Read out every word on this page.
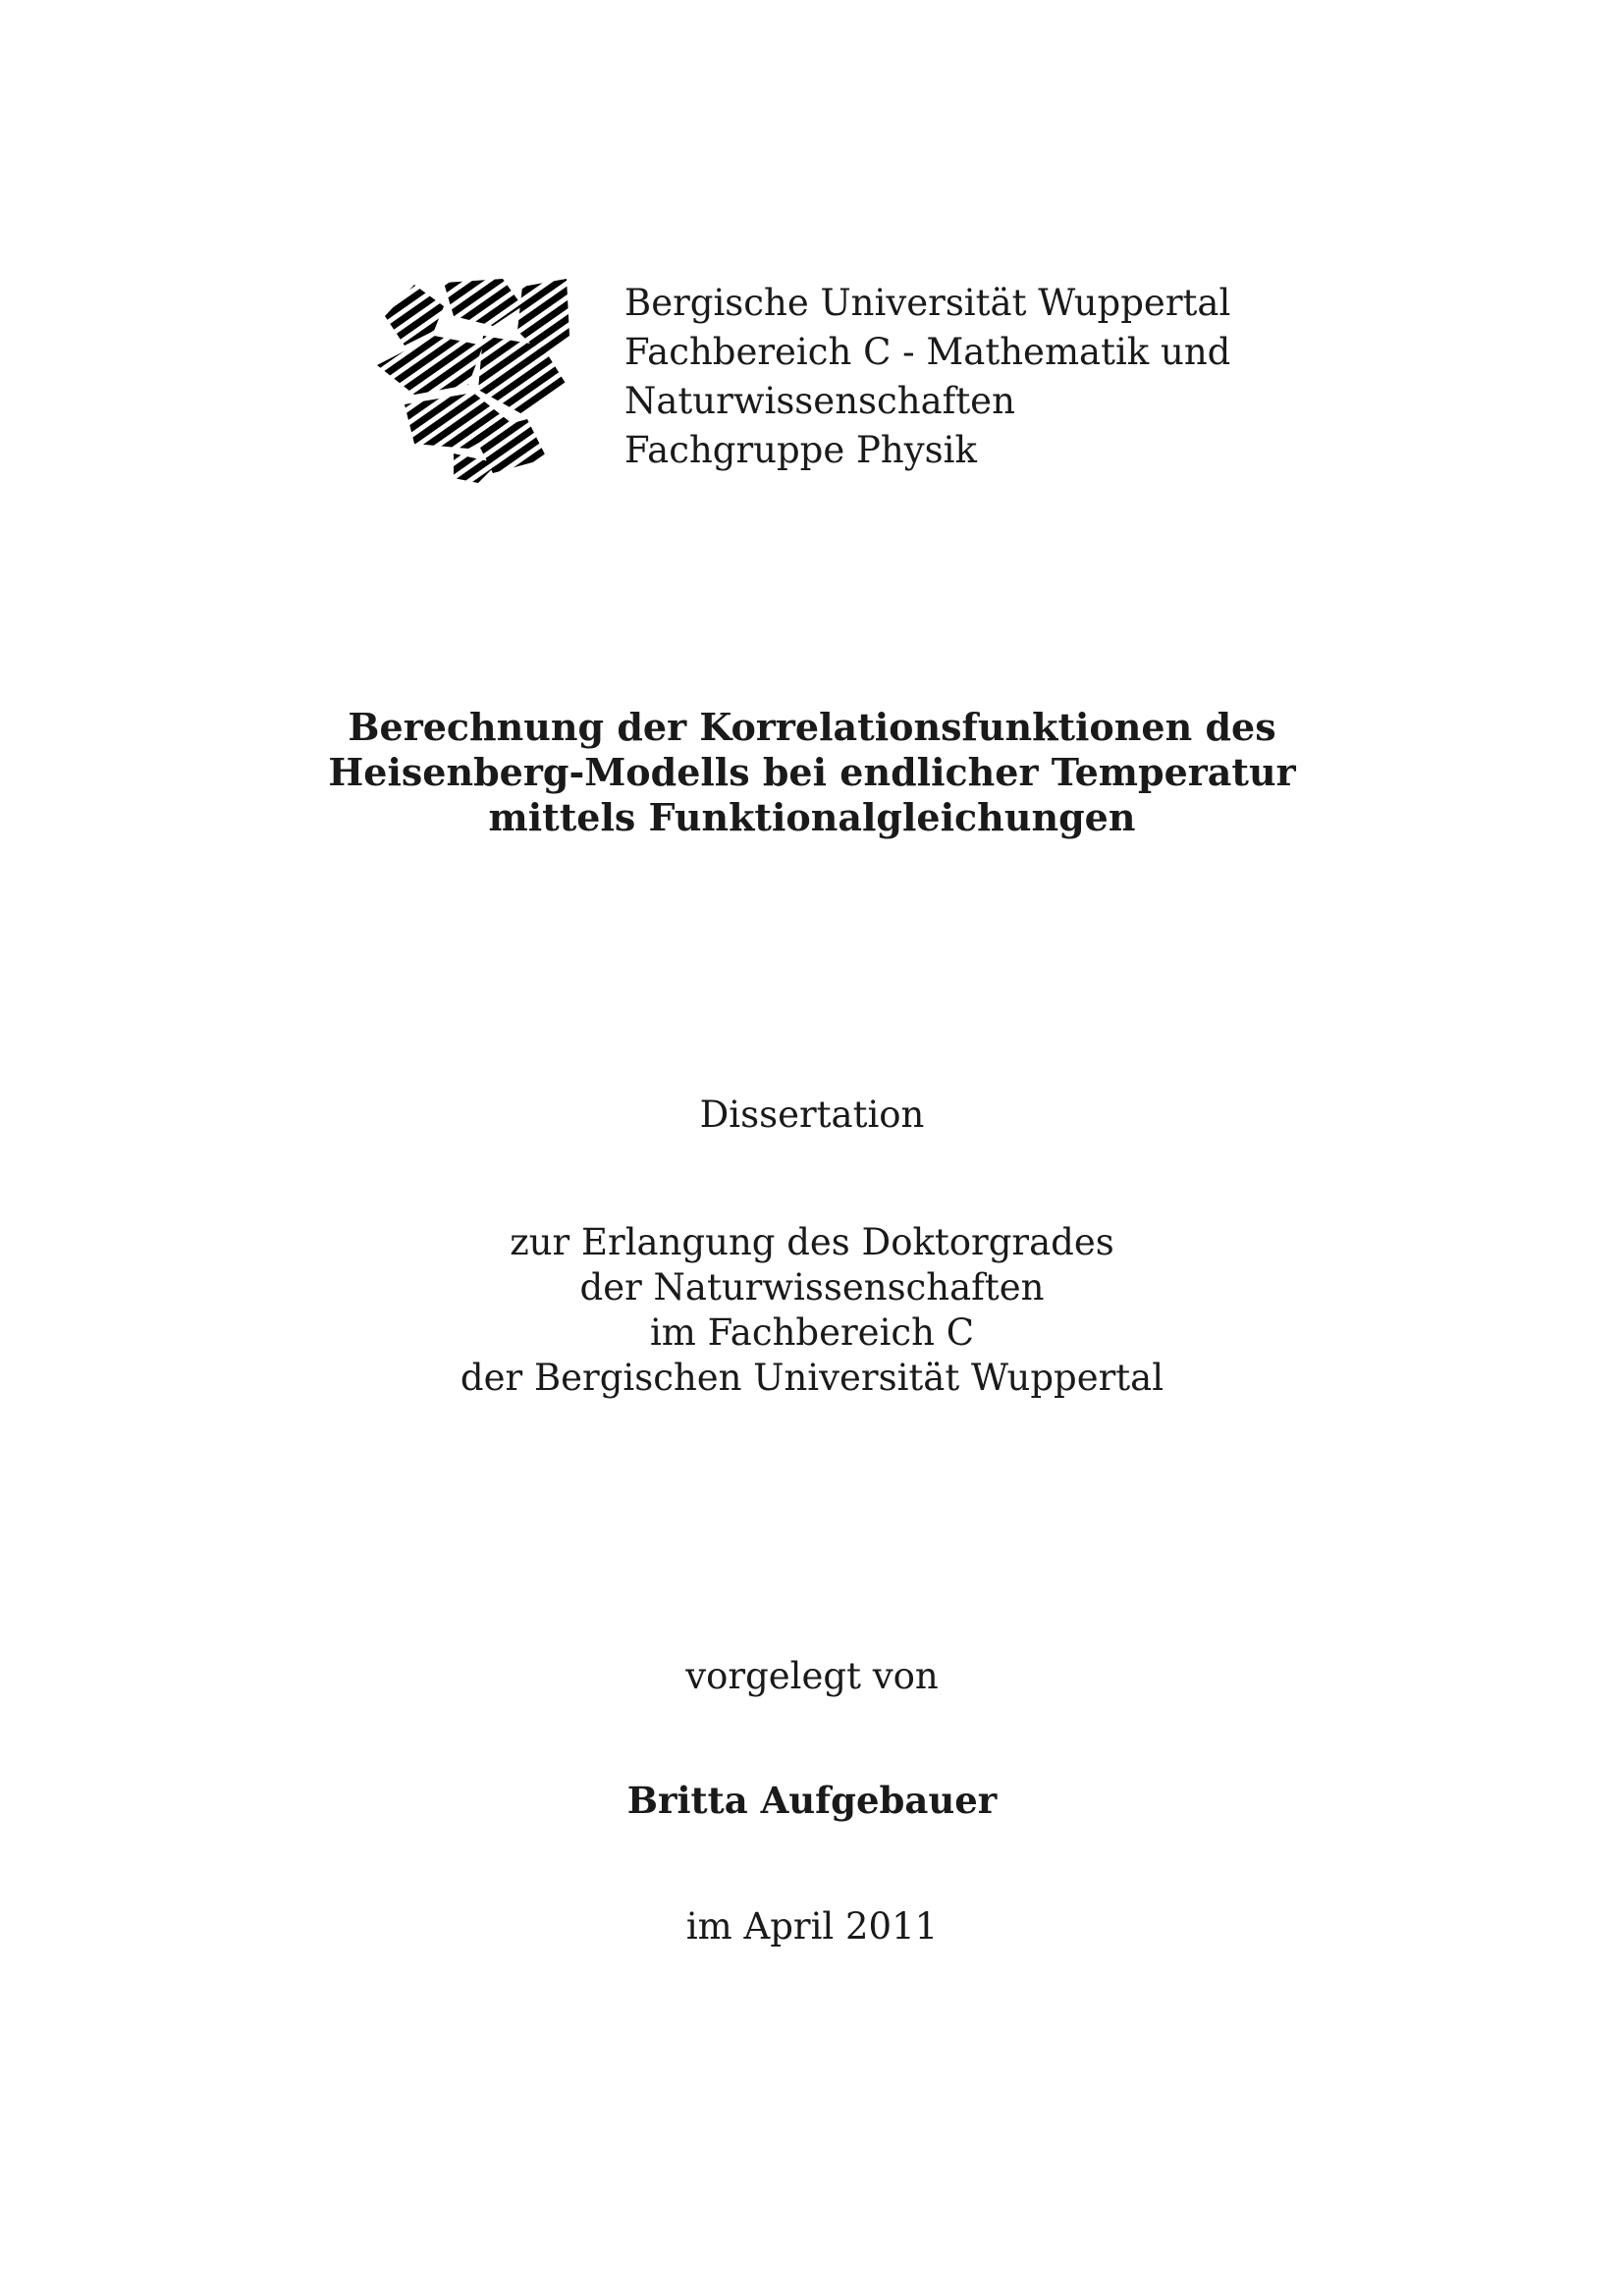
Bergische Universität Wuppertal
Fachbereich C - Mathematik und
Naturwissenschaften
Fachgruppe Physik
Berechnung der Korrelationsfunktionen des
Heisenberg-Modells bei endlicher Temperatur
mittels Funktionalgleichungen
Dissertation
zur Erlangung des Doktorgrades
der Naturwissenschaften
im Fachbereich C
der Bergischen Universität Wuppertal
vorgelegt von
Britta Aufgebauer
im April 2011
